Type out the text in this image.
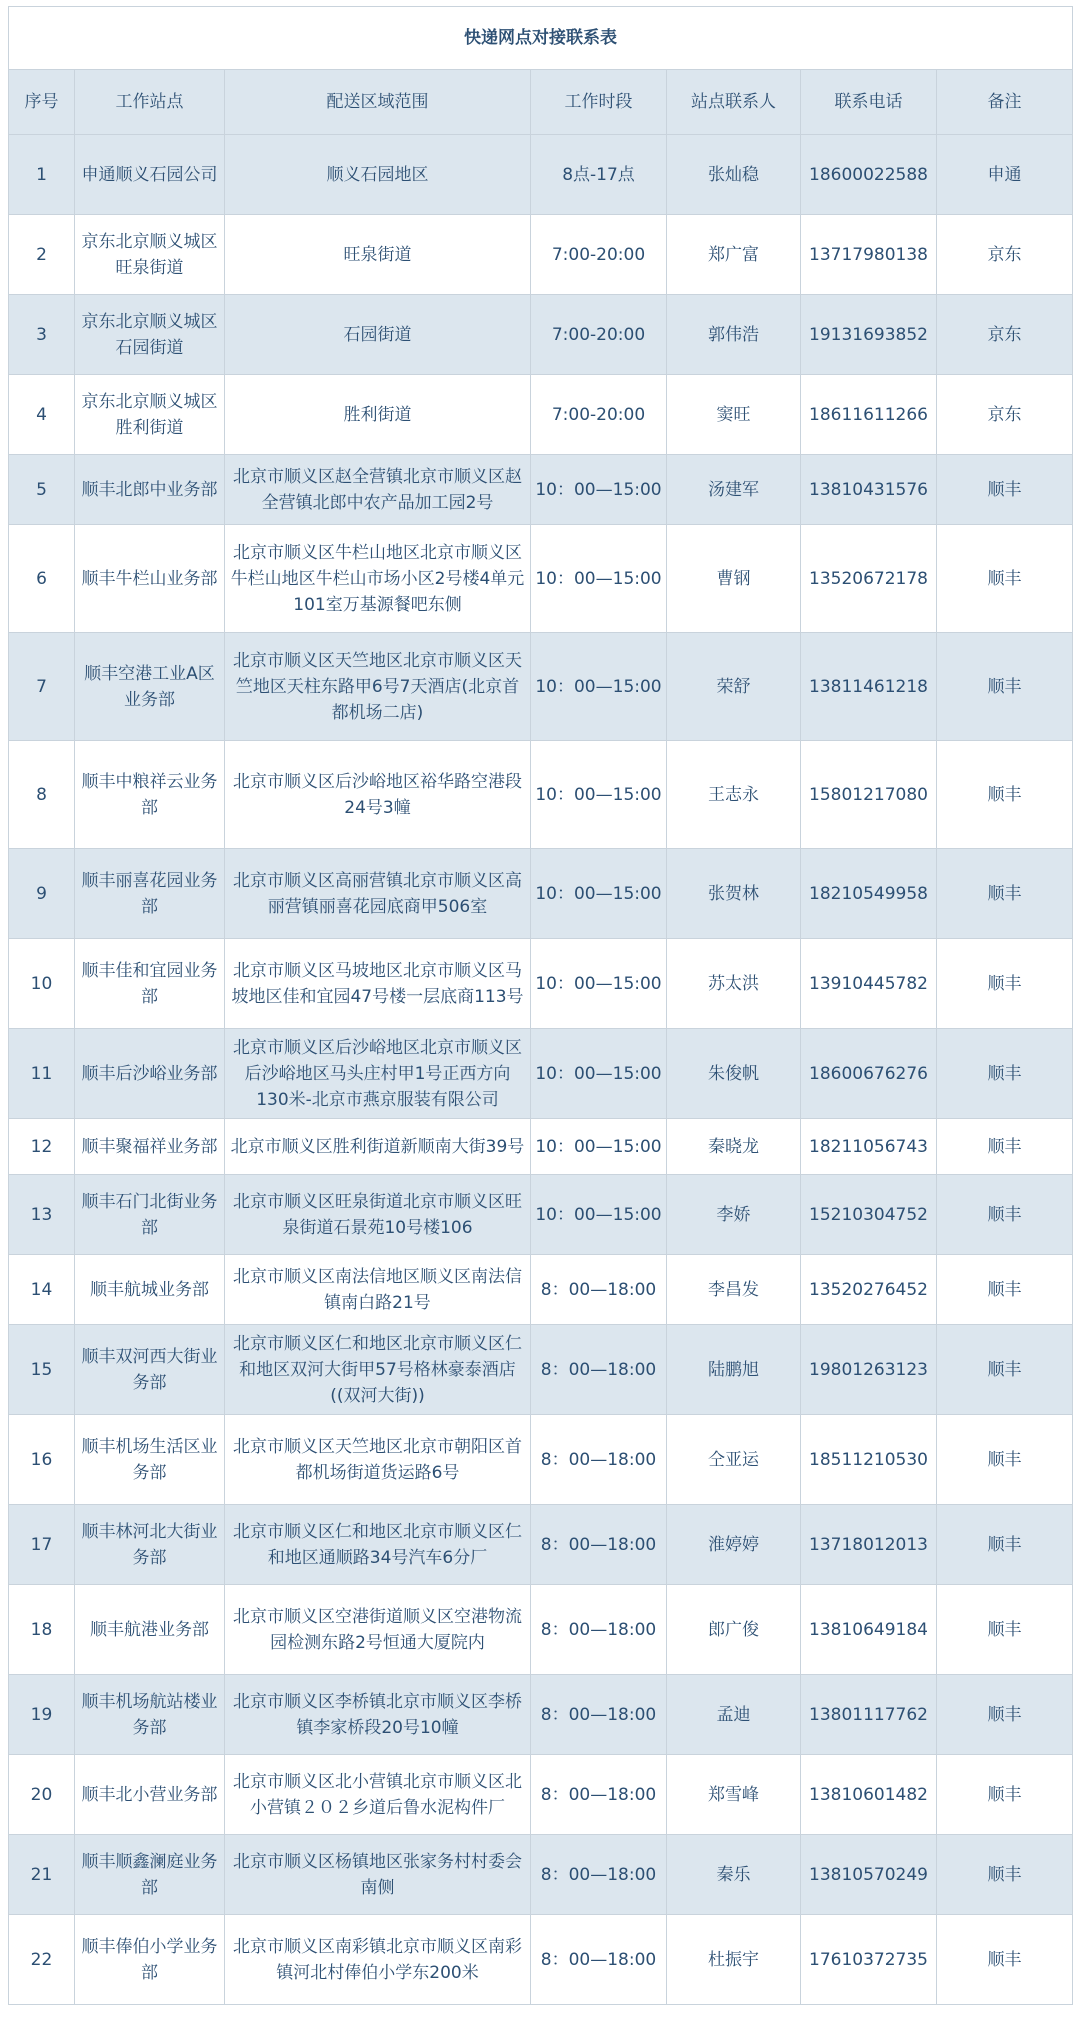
快递网点对接联系表						
序号	工作站点	配送区域范围	工作时段	站点联系人	联系电话	备注
1	申通顺义石园公司	顺义石园地区	8点-17点	张灿稳	18600022588	申通
2	京东北京顺义城区旺泉街道	旺泉街道	7:00-20:00	郑广富	13717980138	京东
3	京东北京顺义城区石园街道	石园街道	7:00-20:00	郭伟浩	19131693852	京东
4	京东北京顺义城区胜利街道	胜利街道	7:00-20:00	窦旺	18611611266	京东
5	顺丰北郎中业务部	北京市顺义区赵全营镇北京市顺义区赵全营镇北郎中农产品加工园2号	10：00—15:00	汤建军	13810431576	顺丰
6	顺丰牛栏山业务部	北京市顺义区牛栏山地区北京市顺义区牛栏山地区牛栏山市场小区2号楼4单元101室万基源餐吧东侧	10：00—15:00	曹钢	13520672178	顺丰
7	顺丰空港工业A区业务部	北京市顺义区天竺地区北京市顺义区天竺地区天柱东路甲6号7天酒店(北京首都机场二店)	10：00—15:00	荣舒	13811461218	顺丰
8	顺丰中粮祥云业务部	北京市顺义区后沙峪地区裕华路空港段24号3幢	10：00—15:00	王志永	15801217080	顺丰
9	顺丰丽喜花园业务部	北京市顺义区高丽营镇北京市顺义区高丽营镇丽喜花园底商甲506室	10：00—15:00	张贺林	18210549958	顺丰
10	顺丰佳和宜园业务部	北京市顺义区马坡地区北京市顺义区马坡地区佳和宜园47号楼一层底商113号	10：00—15:00	苏太洪	13910445782	顺丰
11	顺丰后沙峪业务部	北京市顺义区后沙峪地区北京市顺义区后沙峪地区马头庄村甲1号正西方向130米-北京市燕京服装有限公司	10：00—15:00	朱俊帆	18600676276	顺丰
12	顺丰聚福祥业务部	北京市顺义区胜利街道新顺南大街39号	10：00—15:00	秦晓龙	18211056743	顺丰
13	顺丰石门北街业务部	北京市顺义区旺泉街道北京市顺义区旺泉街道石景苑10号楼106	10：00—15:00	李娇	15210304752	顺丰
14	顺丰航城业务部	北京市顺义区南法信地区顺义区南法信镇南白路21号	8：00—18:00	李昌发	13520276452	顺丰
15	顺丰双河西大街业务部	北京市顺义区仁和地区北京市顺义区仁和地区双河大街甲57号格林豪泰酒店((双河大街))	8：00—18:00	陆鹏旭	19801263123	顺丰
16	顺丰机场生活区业务部	北京市顺义区天竺地区北京市朝阳区首都机场街道货运路6号	8：00—18:00	仝亚运	18511210530	顺丰
17	顺丰林河北大街业务部	北京市顺义区仁和地区北京市顺义区仁和地区通顺路34号汽车6分厂	8：00—18:00	淮婷婷	13718012013	顺丰
18	顺丰航港业务部	北京市顺义区空港街道顺义区空港物流园检测东路2号恒通大厦院内	8：00—18:00	郎广俊	13810649184	顺丰
19	顺丰机场航站楼业务部	北京市顺义区李桥镇北京市顺义区李桥镇李家桥段20号10幢	8：00—18:00	孟迪	13801117762	顺丰
20	顺丰北小营业务部	北京市顺义区北小营镇北京市顺义区北小营镇２０２乡道后鲁水泥构件厂	8：00—18:00	郑雪峰	13810601482	顺丰
21	顺丰顺鑫澜庭业务部	北京市顺义区杨镇地区张家务村村委会南侧	8：00—18:00	秦乐	13810570249	顺丰
22	顺丰俸伯小学业务部	北京市顺义区南彩镇北京市顺义区南彩镇河北村俸伯小学东200米	8：00—18:00	杜振宇	17610372735	顺丰
